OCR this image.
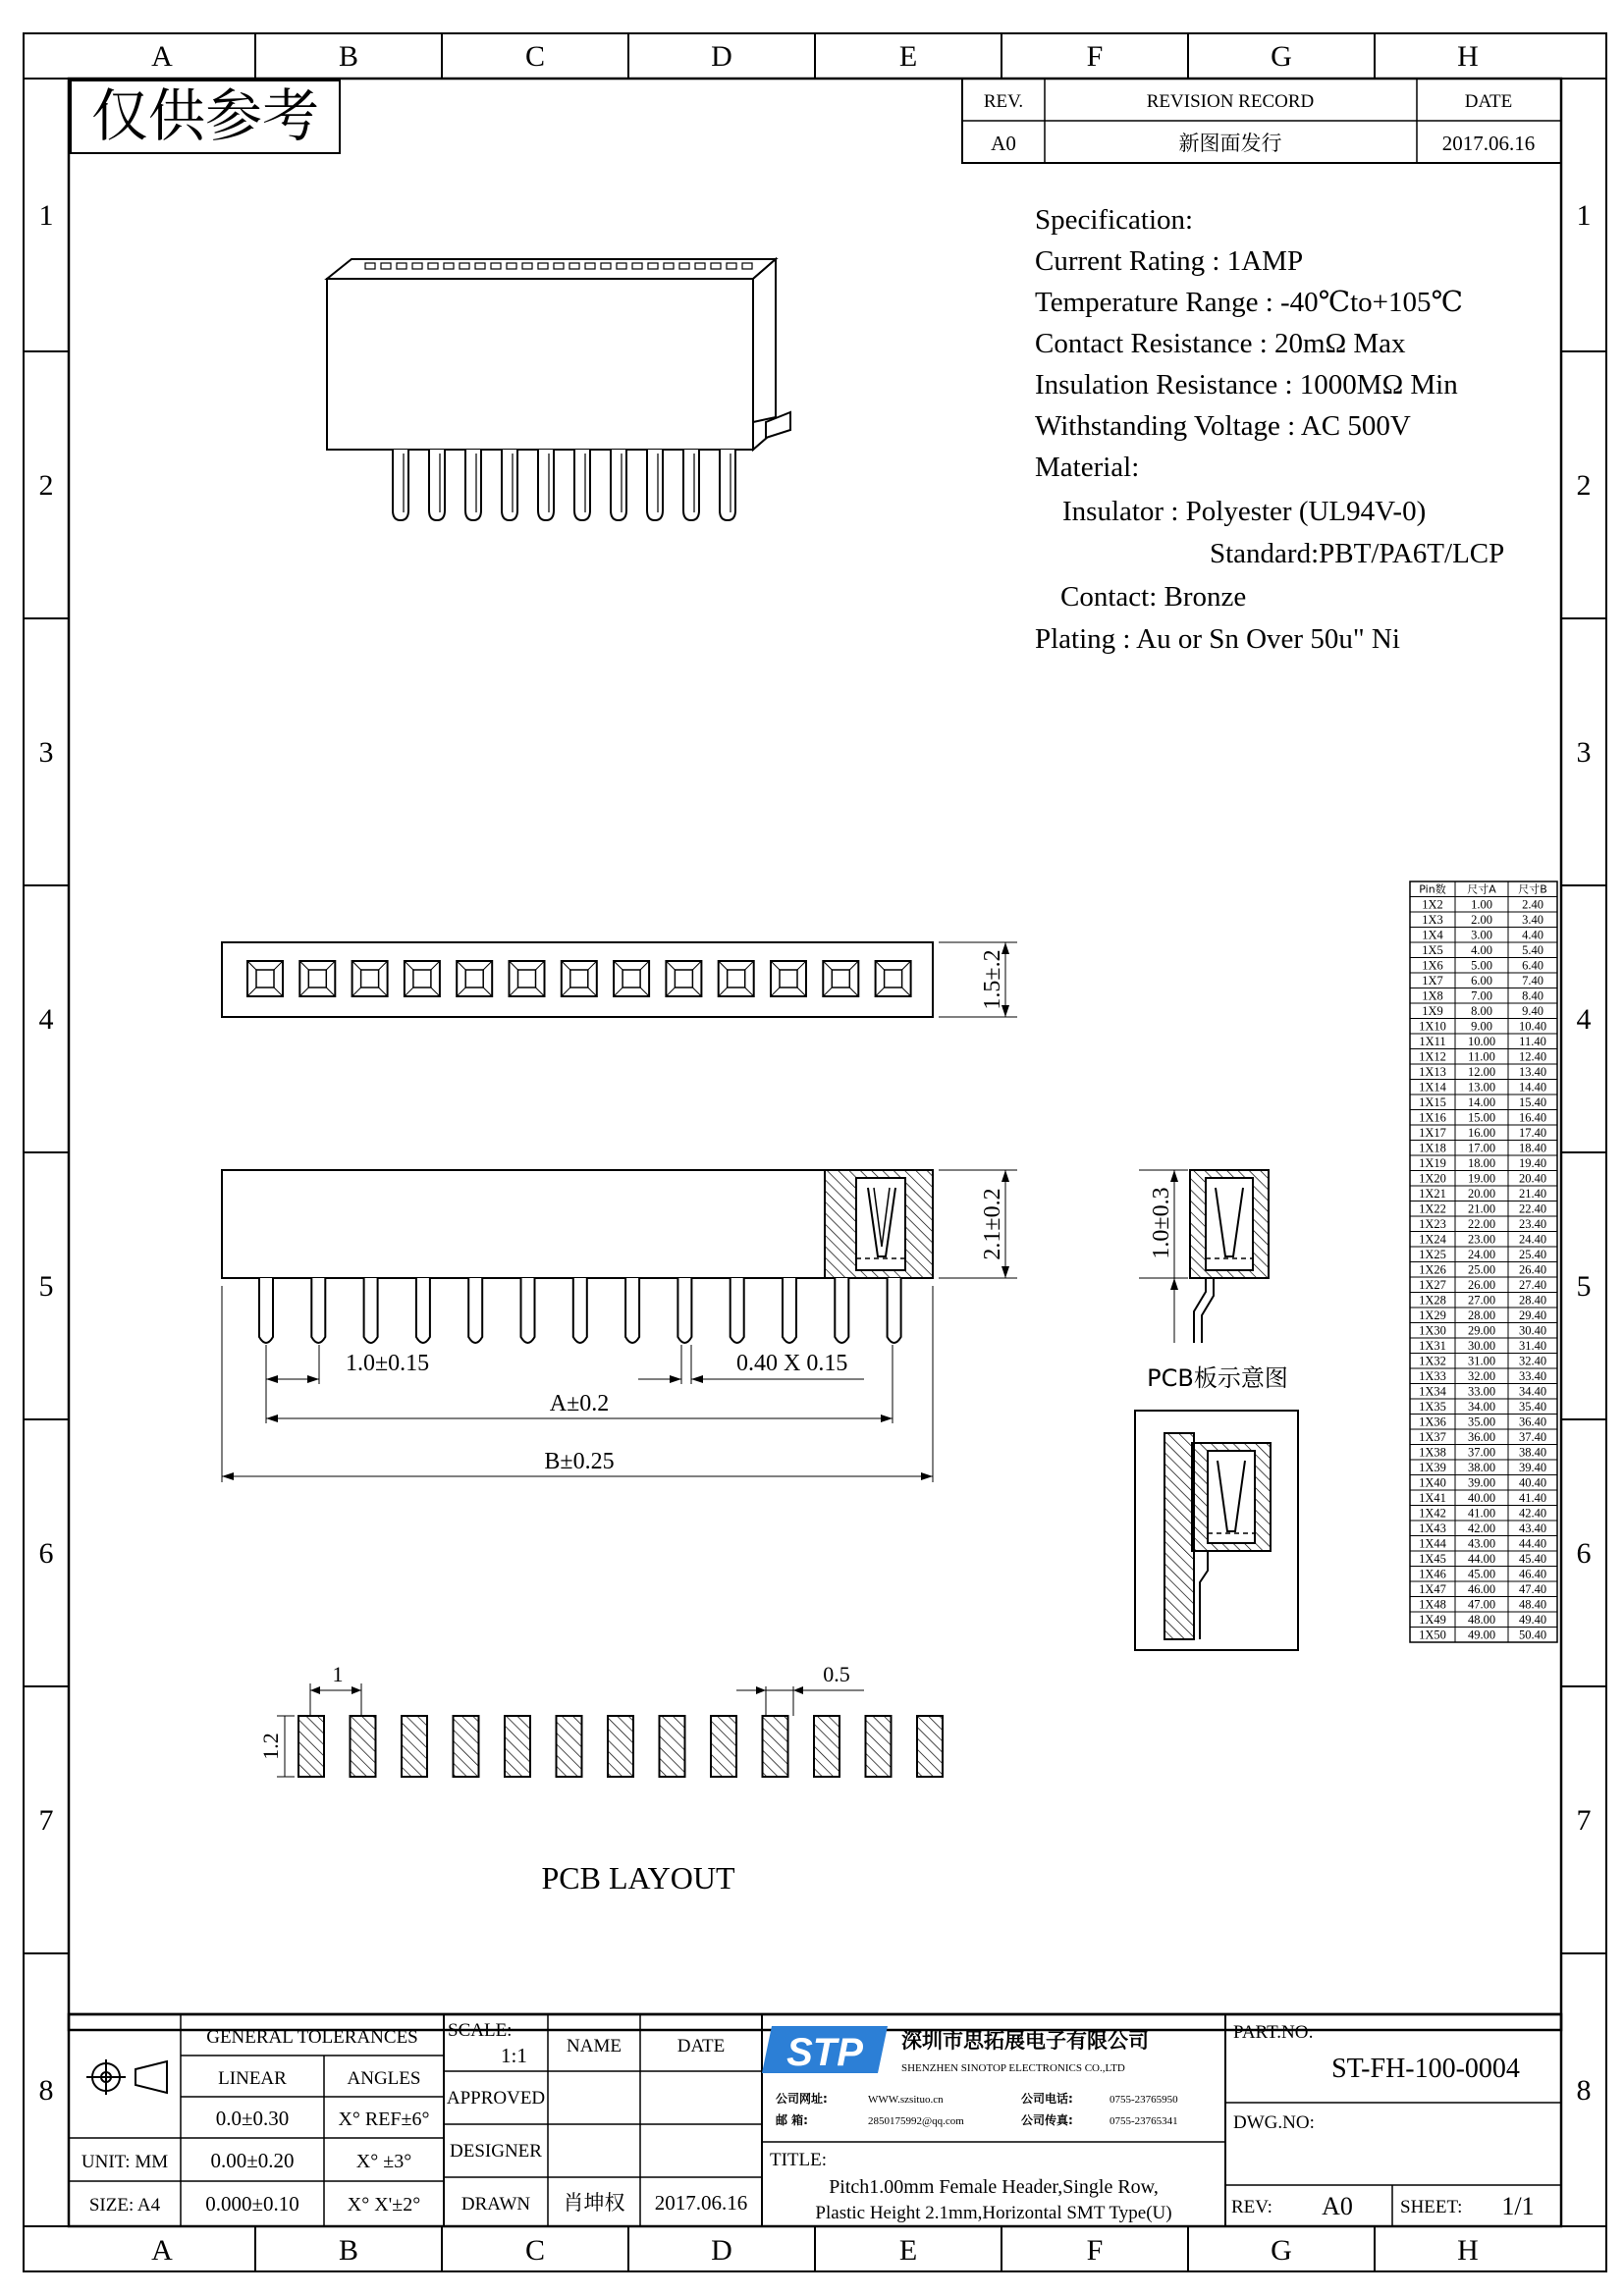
A
A
B
B
C
C
D
D
E
E
F
F
G
G
H
H
1	1
2	2
3	3
4	4
5	5
6	6
7	7
8	8
仅供参考	REV.	REVISION RECORD	DATE
A0	新图面发行	2017.06.16
Specification:
Current Rating : 1AMP
Temperature Range : -40℃to+105℃
Contact Resistance : 20mΩ Max
Insulation Resistance : 1000MΩ Min
Withstanding Voltage : AC 500V
Material:
Insulator : Polyester (UL94V-0)
Standard:PBT/PA6T/LCP
Contact: Bronze
Plating : Au or Sn Over 50u" Ni
1.5±.2
2.1±0.2
1.0±0.15	0.40 X 0.15
A±0.2
B±0.25
1.0±0.3
PCB板示意图
1
1.2
0.5
PCB LAYOUT
Pin数 尺寸A 尺寸B
1X2 1.00 2.40
1X3 2.00 3.40
1X4 3.00 4.40
1X5 4.00 5.40
1X6 5.00 6.40
1X7 6.00 7.40
1X8 7.00 8.40
1X9 8.00 9.40
1X10 9.00 10.40
1X11 10.00 11.40
1X12 11.00 12.40
1X13 12.00 13.40
1X14 13.00 14.40
1X15 14.00 15.40
1X16 15.00 16.40
1X17 16.00 17.40
1X18 17.00 18.40
1X19 18.00 19.40
1X20 19.00 20.40
1X21 20.00 21.40
1X22 21.00 22.40
1X23 22.00 23.40
1X24 23.00 24.40
1X25 24.00 25.40
1X26 25.00 26.40
1X27 26.00 27.40
1X28 27.00 28.40
1X29 28.00 29.40
1X30 29.00 30.40
1X31 30.00 31.40
1X32 31.00 32.40
1X33 32.00 33.40
1X34 33.00 34.40
1X35 34.00 35.40
1X36 35.00 36.40
1X37 36.00 37.40
1X38 37.00 38.40
1X39 38.00 39.40
1X40 39.00 40.40
1X41 40.00 41.40
1X42 41.00 42.40
1X43 42.00 43.40
1X44 43.00 44.40
1X45 44.00 45.40
1X46 45.00 46.40
1X47 46.00 47.40
1X48 47.00 48.40
1X49 48.00 49.40
1X50 49.00 50.40
GENERAL TOLERANCES
LINEAR	ANGLES
0.0±0.30	X° REF±6°
0.00±0.20	X° ±3°
0.000±0.10 X° X'±2°
UNIT: MM
SIZE: A4
SCALE:
1:1 NAME	DATE
APPROVED
DESIGNER
DRAWN 肖坤权 2017.06.16
STP 深圳市思拓展电子有限公司
SHENZHEN SINOTOP ELECTRONICS CO.,LTD
公司网址:	WWW.szsituo.cn	公司电话:	0755-23765950
邮 箱:	2850175992@qq.com	公司传真:	0755-23765341
TITLE:
Pitch1.00mm Female Header,Single Row,
Plastic Height 2.1mm,Horizontal SMT Type(U)
PART.NO:
ST-FH-100-0004
DWG.NO:
REV: A0	SHEET: 1/1
